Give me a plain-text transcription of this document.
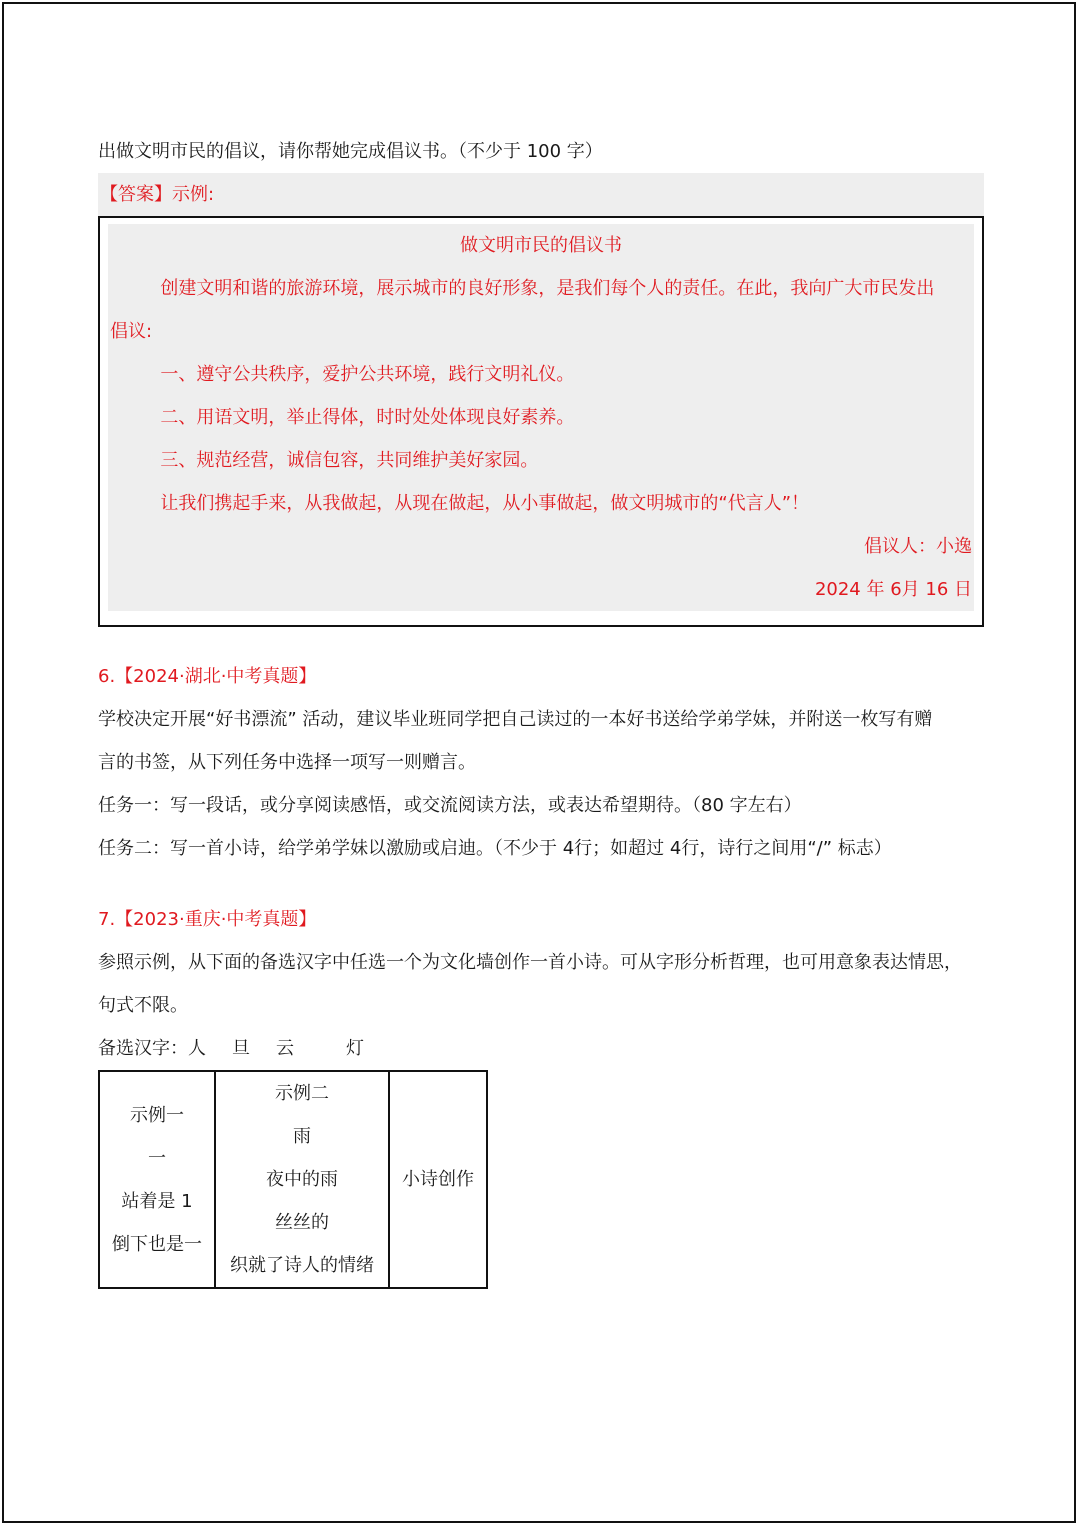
出做文明市民的倡议，请你帮她完成倡议书。（不少于 100 字）
【答案】示例:
做文明市民的倡议书
创建文明和谐的旅游环境，展示城市的良好形象，是我们每个人的责任。在此，我向广大市民发出
倡议:
一、遵守公共秩序，爱护公共环境，践行文明礼仪。
二、用语文明，举止得体，时时处处体现良好素养。
三、规范经营，诚信包容，共同维护美好家园。
让我们携起手来，从我做起，从现在做起，从小事做起，做文明城市的“代言人”！
倡议人：小逸
2024 年 6月 16 日
6.【2024·湖北·中考真题】
学校决定开展“好书漂流” 活动，建议毕业班同学把自己读过的一本好书送给学弟学妹，并附送一枚写有赠
言的书签，从下列任务中选择一项写一则赠言。
任务一：写一段话，或分享阅读感悟，或交流阅读方法，或表达希望期待。（80 字左右）
任务二：写一首小诗，给学弟学妹以激励或启迪。（不少于 4行；如超过 4行，诗行之间用“/” 标志）
7.【2023·重庆·中考真题】
参照示例，从下面的备选汉字中任选一个为文化墙创作一首小诗。可从字形分析哲理，也可用意象表达情思，
句式不限。
备选汉字：人 旦 云	灯
示例一
一
站着是 1
倒下也是一

示例二
雨
夜中的雨
丝丝的
织就了诗人的情绪

小诗创作
